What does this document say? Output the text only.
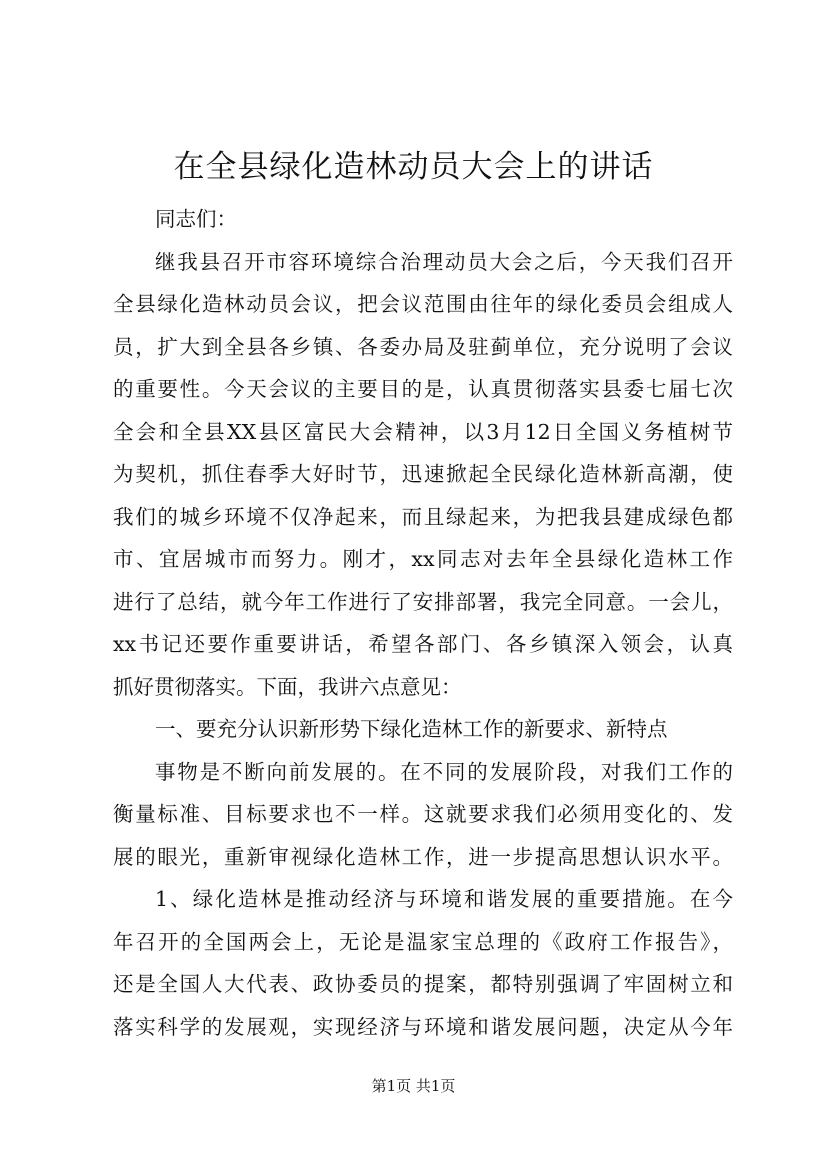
在全县绿化造林动员大会上的讲话
同志们：
继我县召开市容环境综合治理动员大会之后，今天我们召开
全县绿化造林动员会议，把会议范围由往年的绿化委员会组成人
员，扩大到全县各乡镇、各委办局及驻蓟单位，充分说明了会议
的重要性。今天会议的主要目的是，认真贯彻落实县委七届七次
全会和全县XX县区富民大会精神，以3月12日全国义务植树节
为契机，抓住春季大好时节，迅速掀起全民绿化造林新高潮，使
我们的城乡环境不仅净起来，而且绿起来，为把我县建成绿色都
市、宜居城市而努力。刚才，xx同志对去年全县绿化造林工作
进行了总结，就今年工作进行了安排部署，我完全同意。一会儿，
xx书记还要作重要讲话，希望各部门、各乡镇深入领会，认真
抓好贯彻落实。下面，我讲六点意见：
一、要充分认识新形势下绿化造林工作的新要求、新特点
事物是不断向前发展的。在不同的发展阶段，对我们工作的
衡量标准、目标要求也不一样。这就要求我们必须用变化的、发
展的眼光，重新审视绿化造林工作，进一步提高思想认识水平。
1、绿化造林是推动经济与环境和谐发展的重要措施。在今
年召开的全国两会上，无论是温家宝总理的《政府工作报告》，
还是全国人大代表、政协委员的提案，都特别强调了牢固树立和
落实科学的发展观，实现经济与环境和谐发展问题，决定从今年
第1页 共1页
